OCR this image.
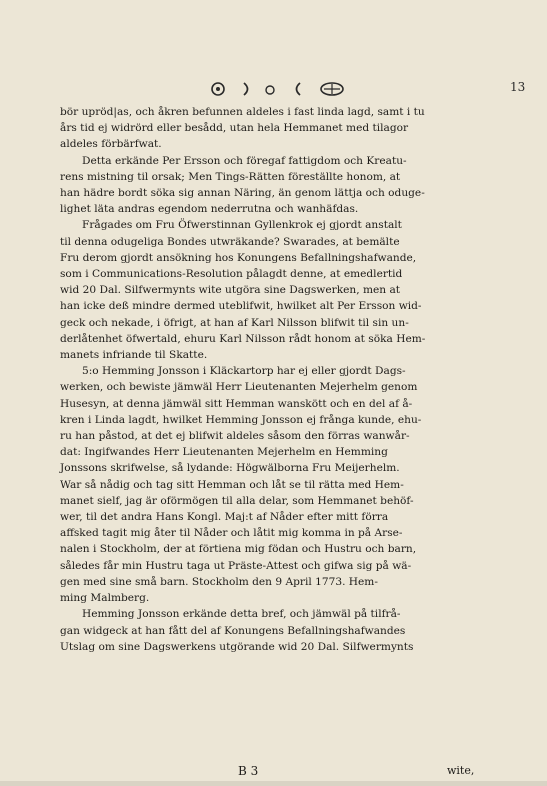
13
bör upröd|as, och åkren befunnen aldeles i fast linda lagd, samt i tu
års tid ej widrörd eller besådd, utan hela Hemmanet med tilagor
aldeles förbärfwat.
Detta erkände Per Ersson och föregaf fattigdom och Kreatu-
rens mistning til orsak; Men Tings-Rätten föreställte honom, at
han hädre bordt söka sig annan Näring, än genom lättja och oduge-
lighet läta andras egendom nederrutna och wanhäfdas.
Frågades om Fru Öfwerstinnan Gyllenkrok ej gjordt anstalt
til denna odugeliga Bondes utwräkande? Swarades, at bemälte
Fru derom gjordt ansökning hos Konungens Befallningshafwande,
som i Communications-Resolution pålagdt denne, at emedlertid
wid 20 Dal. Silfwermynts wite utgöra sine Dagswerken, men at
han icke deß mindre dermed uteblifwit, hwilket alt Per Ersson wid-
geck och nekade, i öfrigt, at han af Karl Nilsson blifwit til sin un-
derlåtenhet öfwertald, ehuru Karl Nilsson rådt honom at söka Hem-
manets infriande til Skatte.
5:o Hemming Jonsson i Kläckartorp har ej eller gjordt Dags-
werken, och bewiste jämwäl Herr Lieutenanten Mejerhelm genom
Husesyn, at denna jämwäl sitt Hemman wanskött och en del af å-
kren i Linda lagdt, hwilket Hemming Jonsson ej frånga kunde, ehu-
ru han påstod, at det ej blifwit aldeles såsom den förras wanwår-
dat: Ingifwandes Herr Lieutenanten Mejerhelm en Hemming
Jonssons skrifwelse, så lydande: Högwälborna Fru Meijerhelm.
War så nådig och tag sitt Hemman och låt se til rätta med Hem-
manet sielf, jag är oförmögen til alla delar, som Hemmanet behöf-
wer, til det andra Hans Kongl. Maj:t af Nåder efter mitt förra
affsked tagit mig åter til Nåder och låtit mig komma in på Arse-
nalen i Stockholm, der at förtiena mig födan och Hustru och barn,
således får min Hustru taga ut Präste-Attest och gifwa sig på wä-
gen med sine små barn. Stockholm den 9 April 1773. Hem-
ming Malmberg.
Hemming Jonsson erkände detta bref, och jämwäl på tilfrå-
gan widgeck at han fått del af Konungens Befallningshafwandes
Utslag om sine Dagswerkens utgörande wid 20 Dal. Silfwermynts
B 3	wite,
